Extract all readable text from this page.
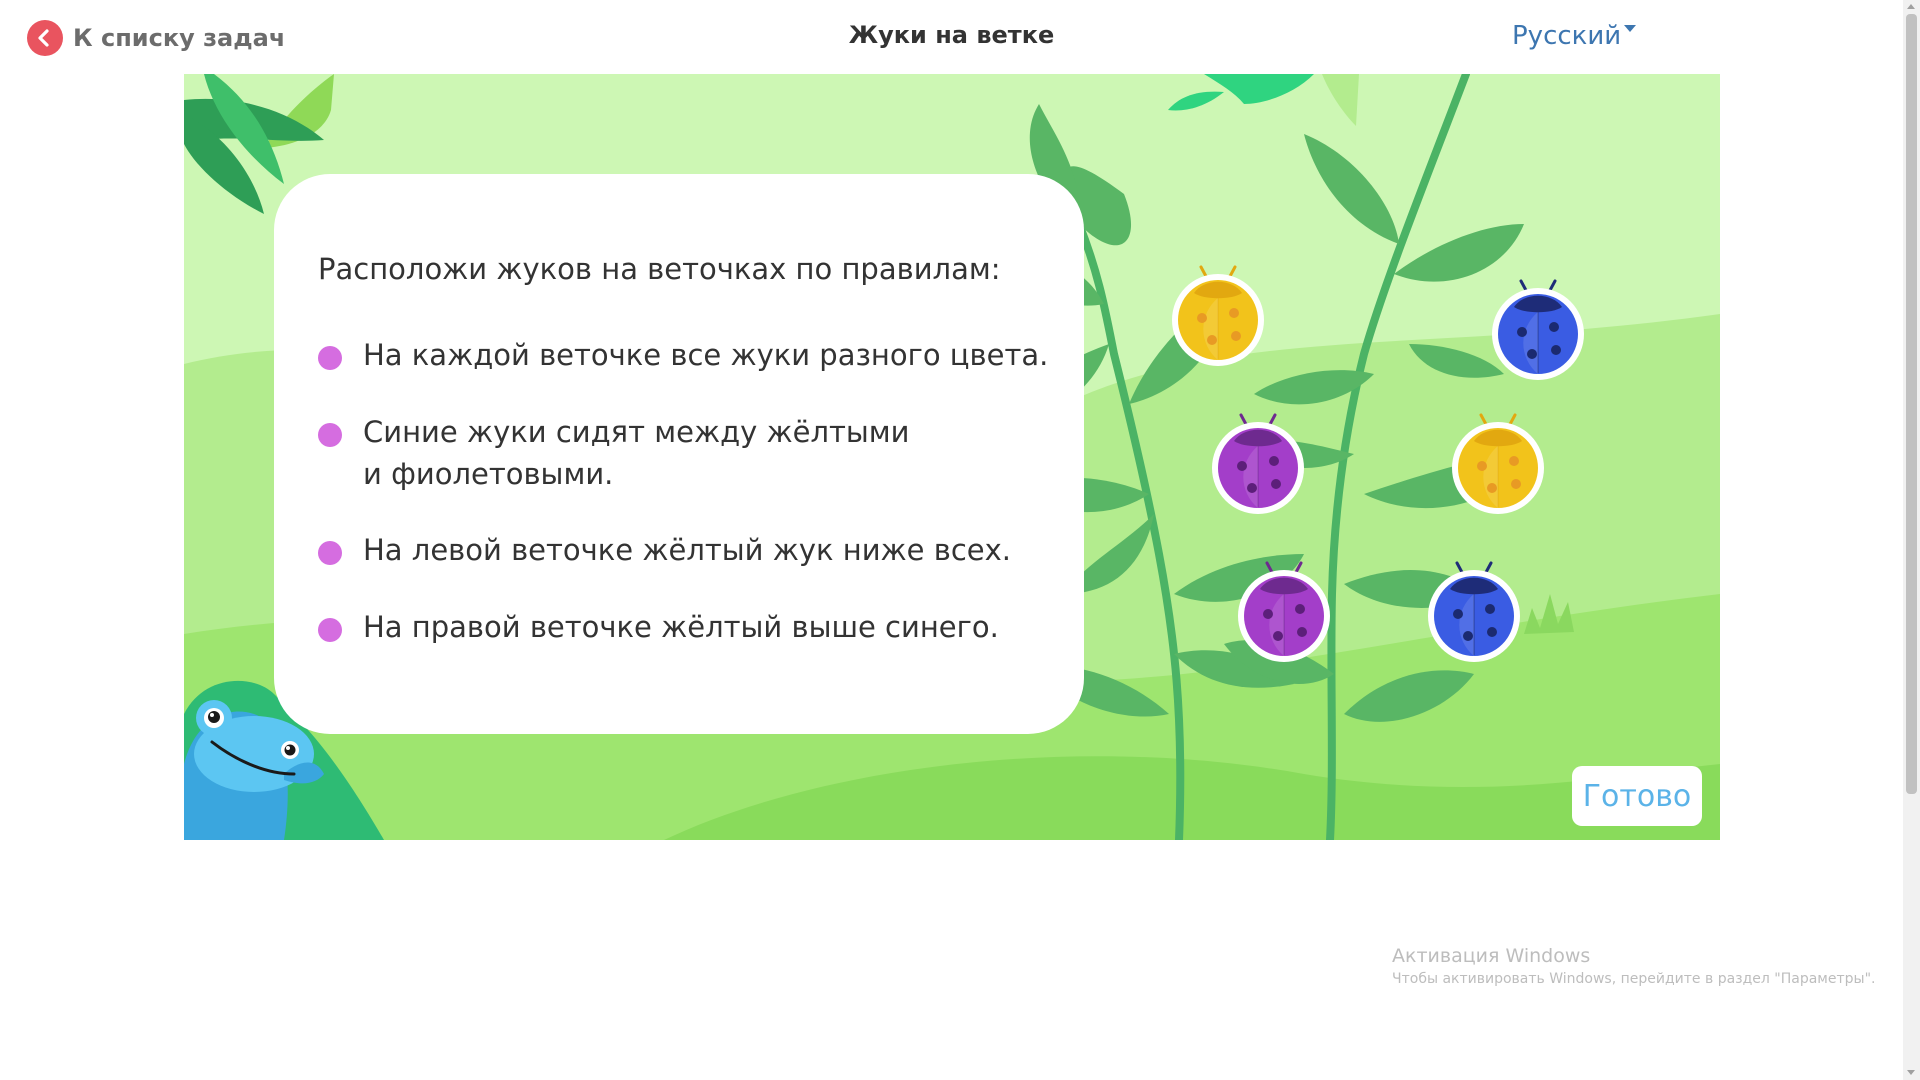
К списку задач	Жуки на ветке	Русский
Расположи жуков на веточках по правилам:
На каждой веточке все жуки разного цвета.
Синие жуки сидят между жёлтыми
и фиолетовыми.
На левой веточке жёлтый жук ниже всех.
На правой веточке жёлтый выше синего.
Готово
Активация Windows
Чтобы активировать Windows, перейдите в раздел "Параметры".
